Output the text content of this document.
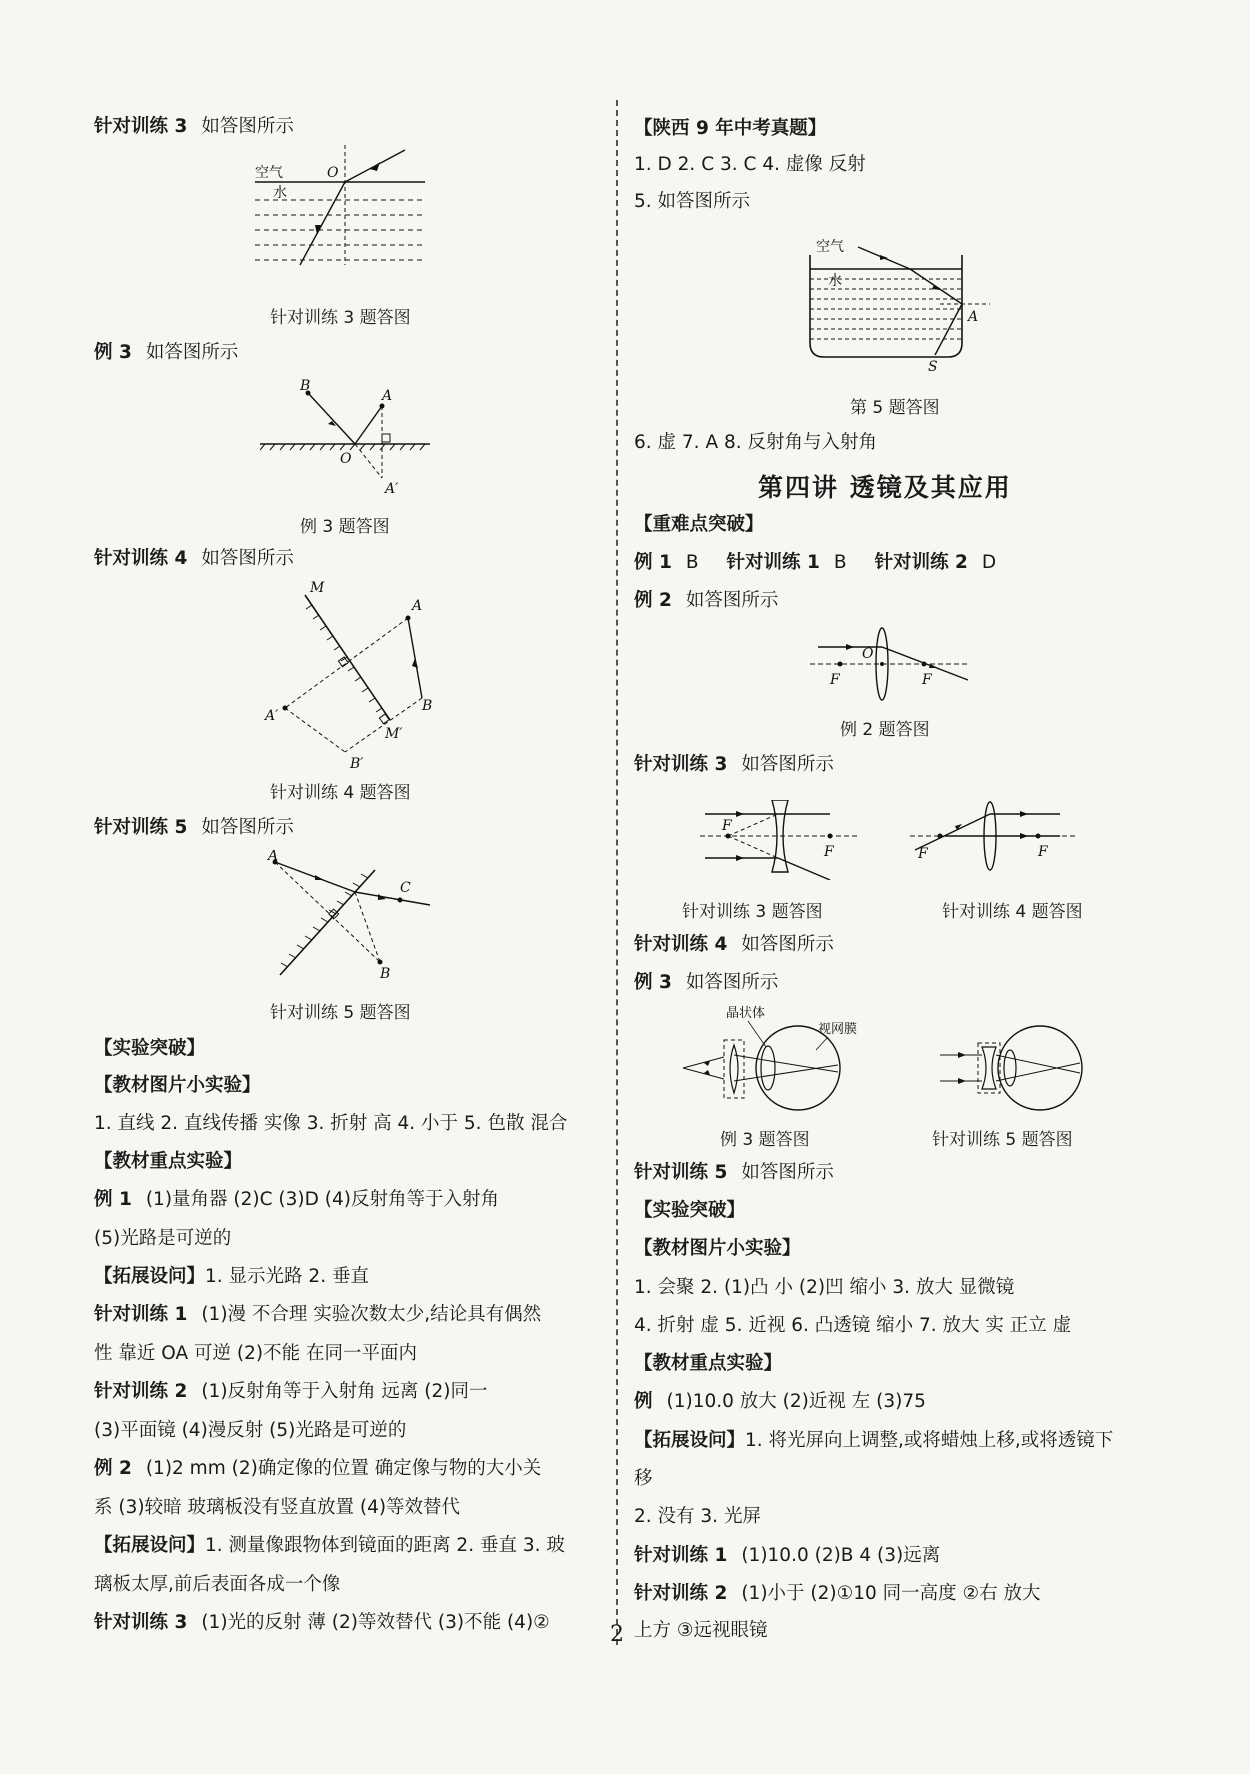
针对训练 3 如答图所示
空气
水
O
针对训练 3 题答图
例 3 如答图所示
B
A
O
A′
例 3 题答图
针对训练 4 如答图所示
M
A
A′
B
B′
M′
针对训练 4 题答图
针对训练 5 如答图所示
A
C
B
针对训练 5 题答图
【实验突破】
【教材图片小实验】
1. 直线 2. 直线传播 实像 3. 折射 高 4. 小于 5. 色散 混合
【教材重点实验】
例 1 (1)量角器 (2)C (3)D (4)反射角等于入射角
(5)光路是可逆的
【拓展设问】1. 显示光路 2. 垂直
针对训练 1 (1)漫 不合理 实验次数太少,结论具有偶然
性 靠近 OA 可逆 (2)不能 在同一平面内
针对训练 2 (1)反射角等于入射角 远离 (2)同一
(3)平面镜 (4)漫反射 (5)光路是可逆的
例 2 (1)2 mm (2)确定像的位置 确定像与物的大小关
系 (3)较暗 玻璃板没有竖直放置 (4)等效替代
【拓展设问】1. 测量像跟物体到镜面的距离 2. 垂直 3. 玻
璃板太厚,前后表面各成一个像
针对训练 3 (1)光的反射 薄 (2)等效替代 (3)不能 (4)②
【陕西 9 年中考真题】
1. D 2. C 3. C 4. 虚像 反射
5. 如答图所示
空气
水
A
S
第 5 题答图
6. 虚 7. A 8. 反射角与入射角
第四讲 透镜及其应用
【重难点突破】
例 1 B 针对训练 1 B 针对训练 2 D
例 2 如答图所示
O
F	F
例 2 题答图
针对训练 3 如答图所示
F
F	F	F
针对训练 3 题答图	针对训练 4 题答图
针对训练 4 如答图所示
例 3 如答图所示
晶状体
视网膜
例 3 题答图	针对训练 5 题答图
针对训练 5 如答图所示
【实验突破】
【教材图片小实验】
1. 会聚 2. (1)凸 小 (2)凹 缩小 3. 放大 显微镜
4. 折射 虚 5. 近视 6. 凸透镜 缩小 7. 放大 实 正立 虚
【教材重点实验】
例 (1)10.0 放大 (2)近视 左 (3)75
【拓展设问】1. 将光屏向上调整,或将蜡烛上移,或将透镜下
移
2. 没有 3. 光屏
针对训练 1 (1)10.0 (2)B 4 (3)远离
针对训练 2 (1)小于 (2)①10 同一高度 ②右 放大
上方 ③远视眼镜
2
